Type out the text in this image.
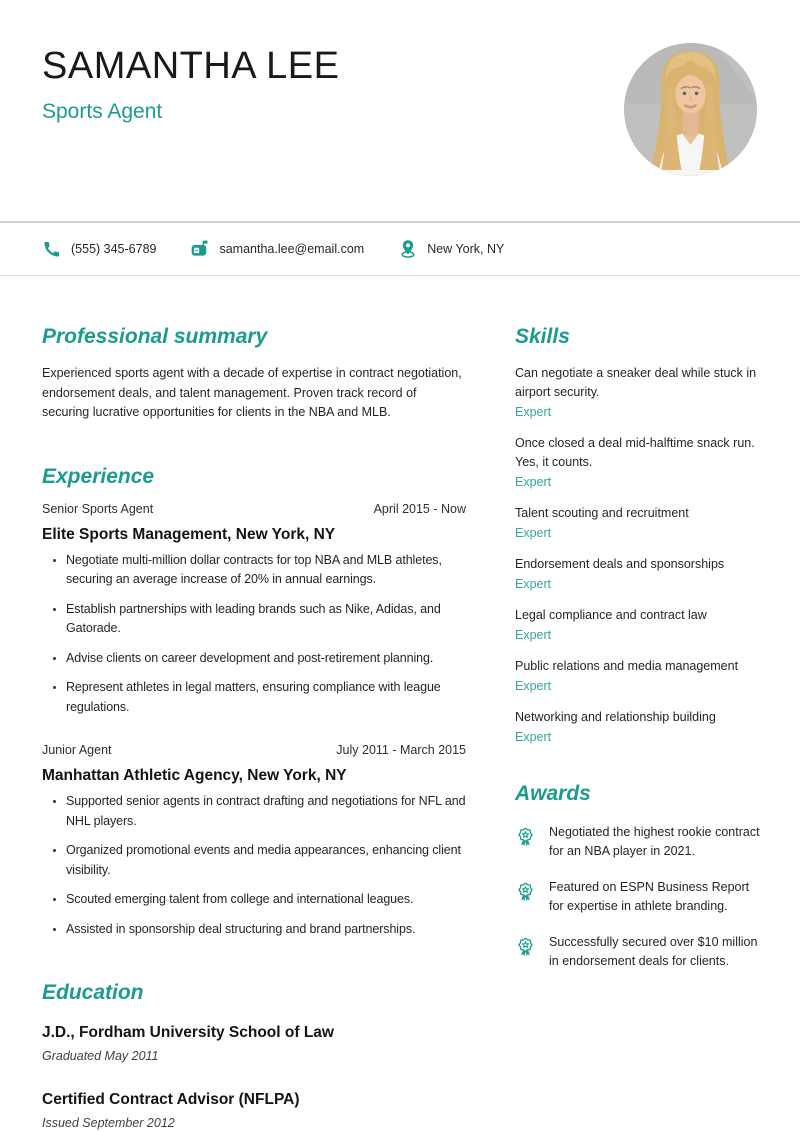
SAMANTHA LEE
Sports Agent
(555) 345-6789	samantha.lee@email.com	New York, NY
Professional summary

Experienced sports agent with a decade of expertise in contract negotiation, endorsement deals, and talent management. Proven track record of securing lucrative opportunities for clients in the NBA and MLB.

Experience
Senior Sports Agent	April 2015 - Now
Elite Sports Management, New York, NY
• Negotiate multi-million dollar contracts for top NBA and MLB athletes, securing an average increase of 20% in annual earnings.
• Establish partnerships with leading brands such as Nike, Adidas, and Gatorade.
• Advise clients on career development and post-retirement planning.
• Represent athletes in legal matters, ensuring compliance with league regulations.
Junior Agent	July 2011 - March 2015
Manhattan Athletic Agency, New York, NY
• Supported senior agents in contract drafting and negotiations for NFL and NHL players.
• Organized promotional events and media appearances, enhancing client visibility.
• Scouted emerging talent from college and international leagues.
• Assisted in sponsorship deal structuring and brand partnerships.
Education
J.D., Fordham University School of Law
Graduated May 2011
Certified Contract Advisor (NFLPA)
Issued September 2012
Skills
Can negotiate a sneaker deal while stuck in airport security.
Expert
Once closed a deal mid-halftime snack run. Yes, it counts.
Expert
Talent scouting and recruitment
Expert
Endorsement deals and sponsorships
Expert
Legal compliance and contract law
Expert
Public relations and media management
Expert
Networking and relationship building
Expert
Awards
Negotiated the highest rookie contract for an NBA player in 2021.
Featured on ESPN Business Report for expertise in athlete branding.
Successfully secured over $10 million in endorsement deals for clients.
